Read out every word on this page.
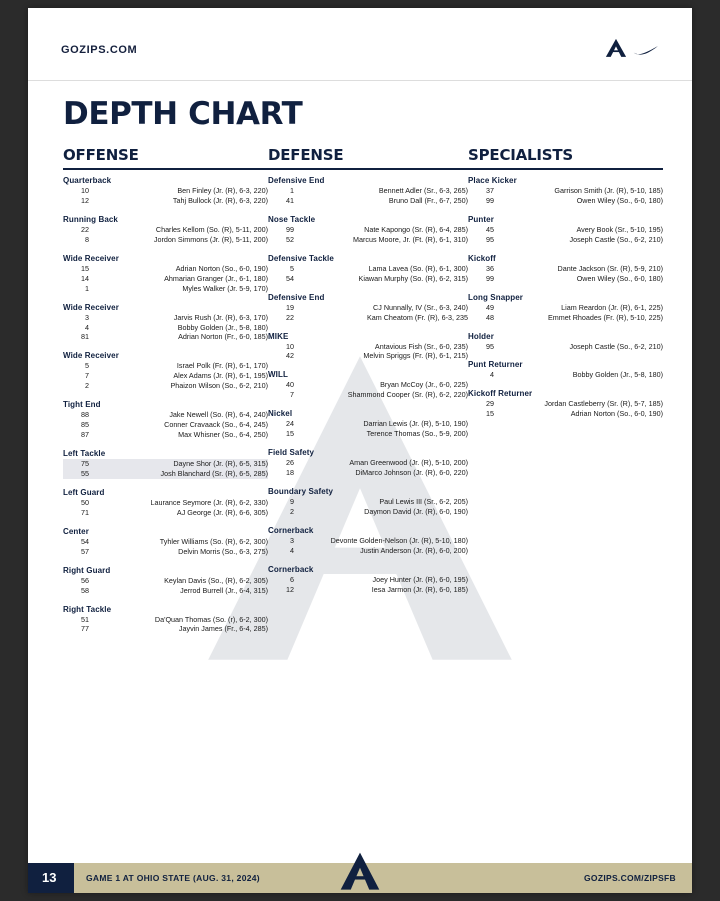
GOZIPS.COM
DEPTH CHART
OFFENSE
Quarterback
10	Ben Finley (Jr. (R), 6-3, 220)
12	Tahj Bullock (Jr. (R), 6-3, 220)
Running Back
22	Charles Kellom (So. (R), 5-11, 200)
8	Jordon Simmons (Jr. (R), 5-11, 200)
Wide Receiver
15	Adrian Norton (So., 6-0, 190)
14	Ahmarian Granger (Jr., 6-1, 180)
1	Myles Walker (Jr. 5-9, 170)
Wide Receiver
3	Jarvis Rush (Jr. (R), 6-3, 170)
4	Bobby Golden (Jr., 5-8, 180)
81	Adrian Norton (Fr., 6-0, 185)
Wide Receiver
5	Israel Polk (Fr. (R), 6-1, 170)
7	Alex Adams (Jr. (R), 6-1, 195)
2	Phaizon Wilson (So., 6-2, 210)
Tight End
88	Jake Newell (So. (R), 6-4, 240)
85	Conner Cravaack (So., 6-4, 245)
87	Max Whisner (So., 6-4, 250)
Left Tackle
75	Dayne Shor (Jr. (R), 6-5, 315)
55	Josh Blanchard (Sr. (R), 6-5, 285)
Left Guard
50	Laurance Seymore (Jr. (R), 6-2, 330)
71	AJ George (Jr. (R), 6-6, 305)
Center
54	Tyhler Williams (So. (R), 6-2, 300)
57	Delvin Morris (So., 6-3, 275)
Right Guard
56	Keylan Davis (So., (R), 6-2, 305)
58	Jerrod Burrell (Jr., 6-4, 315)
Right Tackle
51	Da'Quan Thomas (So. (r), 6-2, 300)
77	Jayvin James (Fr., 6-4, 285)
DEFENSE
Defensive End
1	Bennett Adler (Sr., 6-3, 265)
41	Bruno Dall (Fr., 6-7, 250)
Nose Tackle
99	Nate Kapongo (Sr. (R), 6-4, 285)
52	Marcus Moore, Jr. (Ft. (R), 6-1, 310)
Defensive Tackle
5	Lama Lavea (So. (R), 6-1, 300)
54	Kiawan Murphy (So. (R), 6-2, 315)
Defensive End
19	CJ Nunnally, IV (Sr., 6-3, 240)
22	Kam Cheatom (Fr. (R), 6-3, 235
MIKE
10	Antavious Fish (Sr., 6-0, 235)
42	Melvin Spriggs (Fr. (R), 6-1, 215)
WILL
40	Bryan McCoy (Jr., 6-0, 225)
7	Shammond Cooper (Sr. (R), 6-2, 220)
Nickel
24	Darrian Lewis (Jr. (R), 5-10, 190)
15	Terence Thomas (So., 5-9, 200)
Field Safety
26	Aman Greenwood (Jr. (R), 5-10, 200)
18	DiMarco Johnson (Jr. (R), 6-0, 220)
Boundary Safety
9	Paul Lewis III (Sr., 6-2, 205)
2	Daymon David (Jr. (R), 6-0, 190)
Cornerback
3	Devonte Golden-Nelson (Jr. (R), 5-10, 180)
4	Justin Anderson (Jr. (R), 6-0, 200)
Cornerback
6	Joey Hunter (Jr. (R), 6-0, 195)
12	Iesa Jarmon (Jr. (R), 6-0, 185)
SPECIALISTS
Place Kicker
37	Garrison Smith (Jr. (R), 5-10, 185)
99	Owen Wiley (So., 6-0, 180)
Punter
45	Avery Book (Sr., 5-10, 195)
95	Joseph Castle (So., 6-2, 210)
Kickoff
36	Dante Jackson (Sr. (R), 5-9, 210)
99	Owen Wiley (So., 6-0, 180)
Long Snapper
49	Liam Reardon (Jr. (R), 6-1, 225)
48	Emmet Rhoades (Fr. (R), 5-10, 225)
Holder
95	Joseph Castle (So., 6-2, 210)
Punt Returner
4	Bobby Golden (Jr., 5-8, 180)
Kickoff Returner
29	Jordan Castleberry (Sr. (R), 5-7, 185)
15	Adrian Norton (So., 6-0, 190)
13	GAME 1 AT OHIO STATE (AUG. 31, 2024)	GOZIPS.COM/ZIPSFB
